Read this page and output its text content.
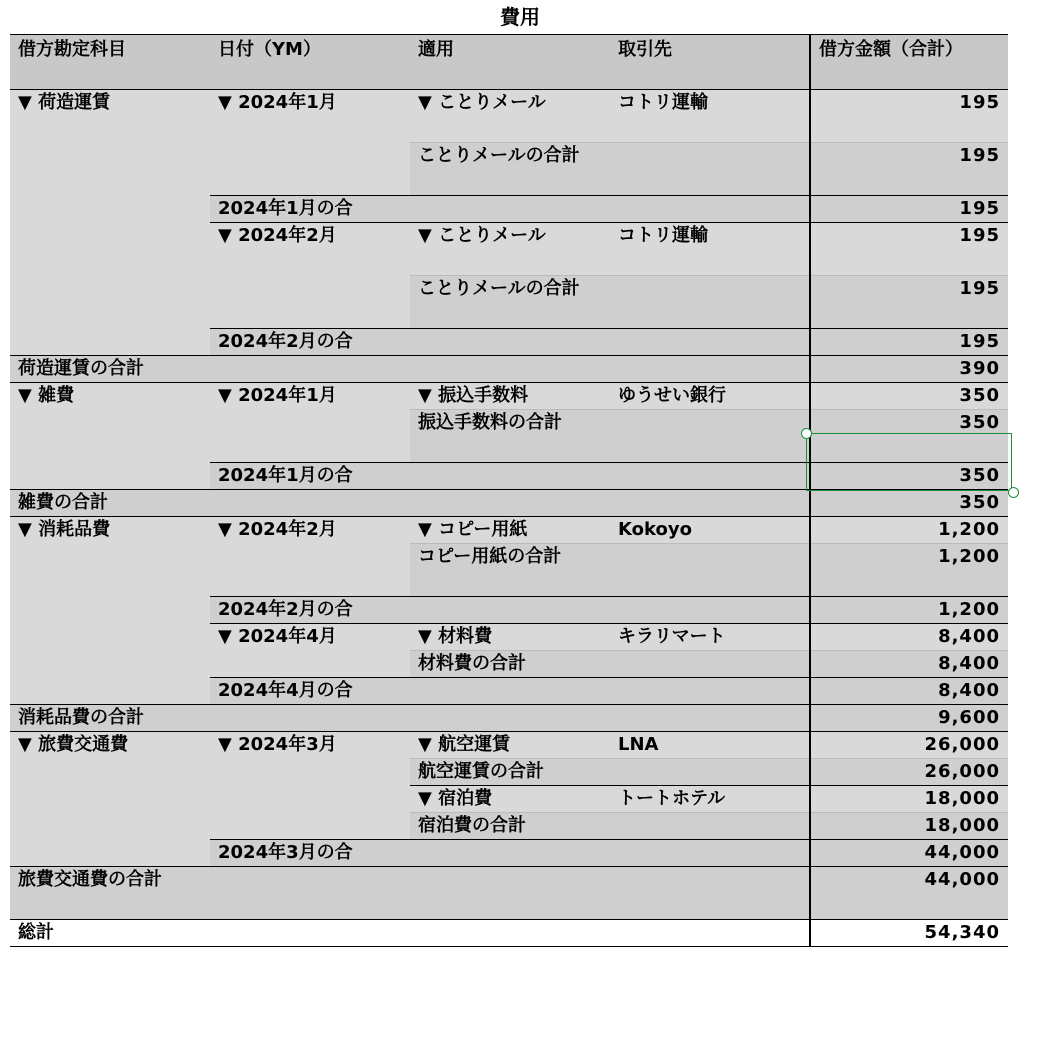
費用
借方勘定科目	日付（YM）	適用	取引先	借方金額（合計）
▼ 荷造運賃	▼ 2024年1月	▼ ことりメール	コトリ運輸	195
		ことりメールの合計		195
	2024年1月の合			195
	▼ 2024年2月	▼ ことりメール	コトリ運輸	195
		ことりメールの合計		195
	2024年2月の合			195
荷造運賃の合計				390
▼ 雑費	▼ 2024年1月	▼ 振込手数料	ゆうせい銀行	350
		振込手数料の合計		350
	2024年1月の合			350
雑費の合計				350
▼ 消耗品費	▼ 2024年2月	▼ コピー用紙	Kokoyo	1,200
		コピー用紙の合計		1,200
	2024年2月の合			1,200
	▼ 2024年4月	▼ 材料費	キラリマート	8,400
		材料費の合計		8,400
	2024年4月の合			8,400
消耗品費の合計				9,600
▼ 旅費交通費	▼ 2024年3月	▼ 航空運賃	LNA	26,000
		航空運賃の合計		26,000
		▼ 宿泊費	トートホテル	18,000
		宿泊費の合計		18,000
	2024年3月の合			44,000
旅費交通費の合計				44,000
総計				54,340
